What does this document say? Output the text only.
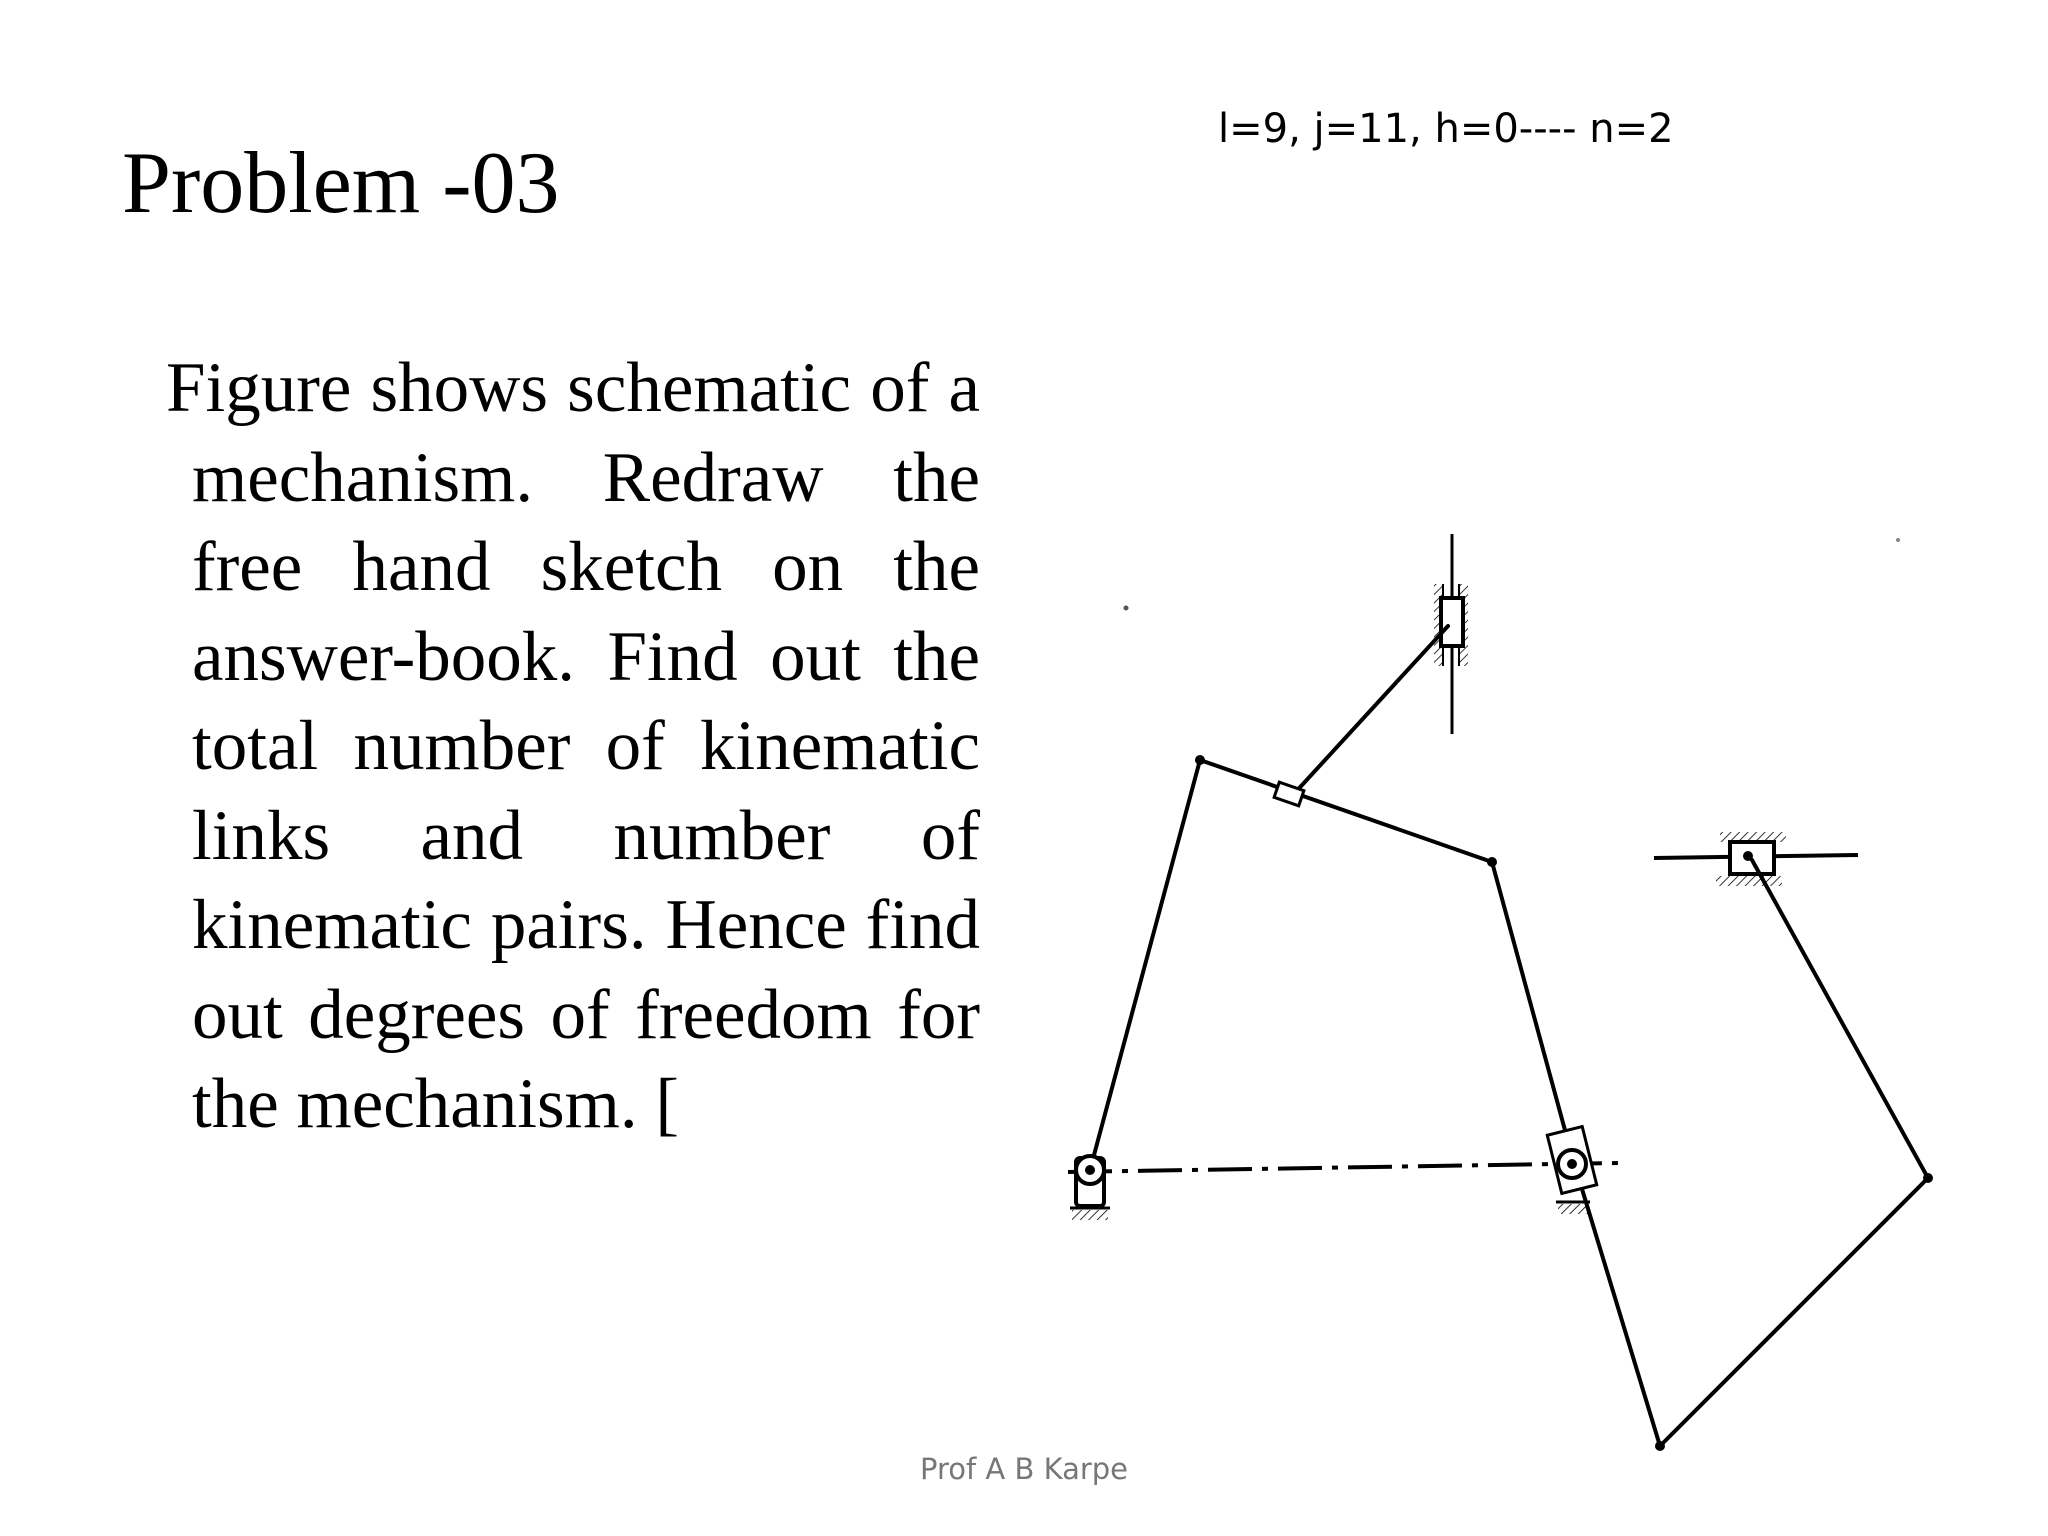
Problem -03
l=9, j=11, h=0---- n=2
Figure shows schematic of a mechanism. Redraw the free hand sketch on the answer-book. Find out the total number of kinematic links and number of kinematic pairs. Hence find out degrees of freedom for the mechanism. [
Prof A B Karpe
